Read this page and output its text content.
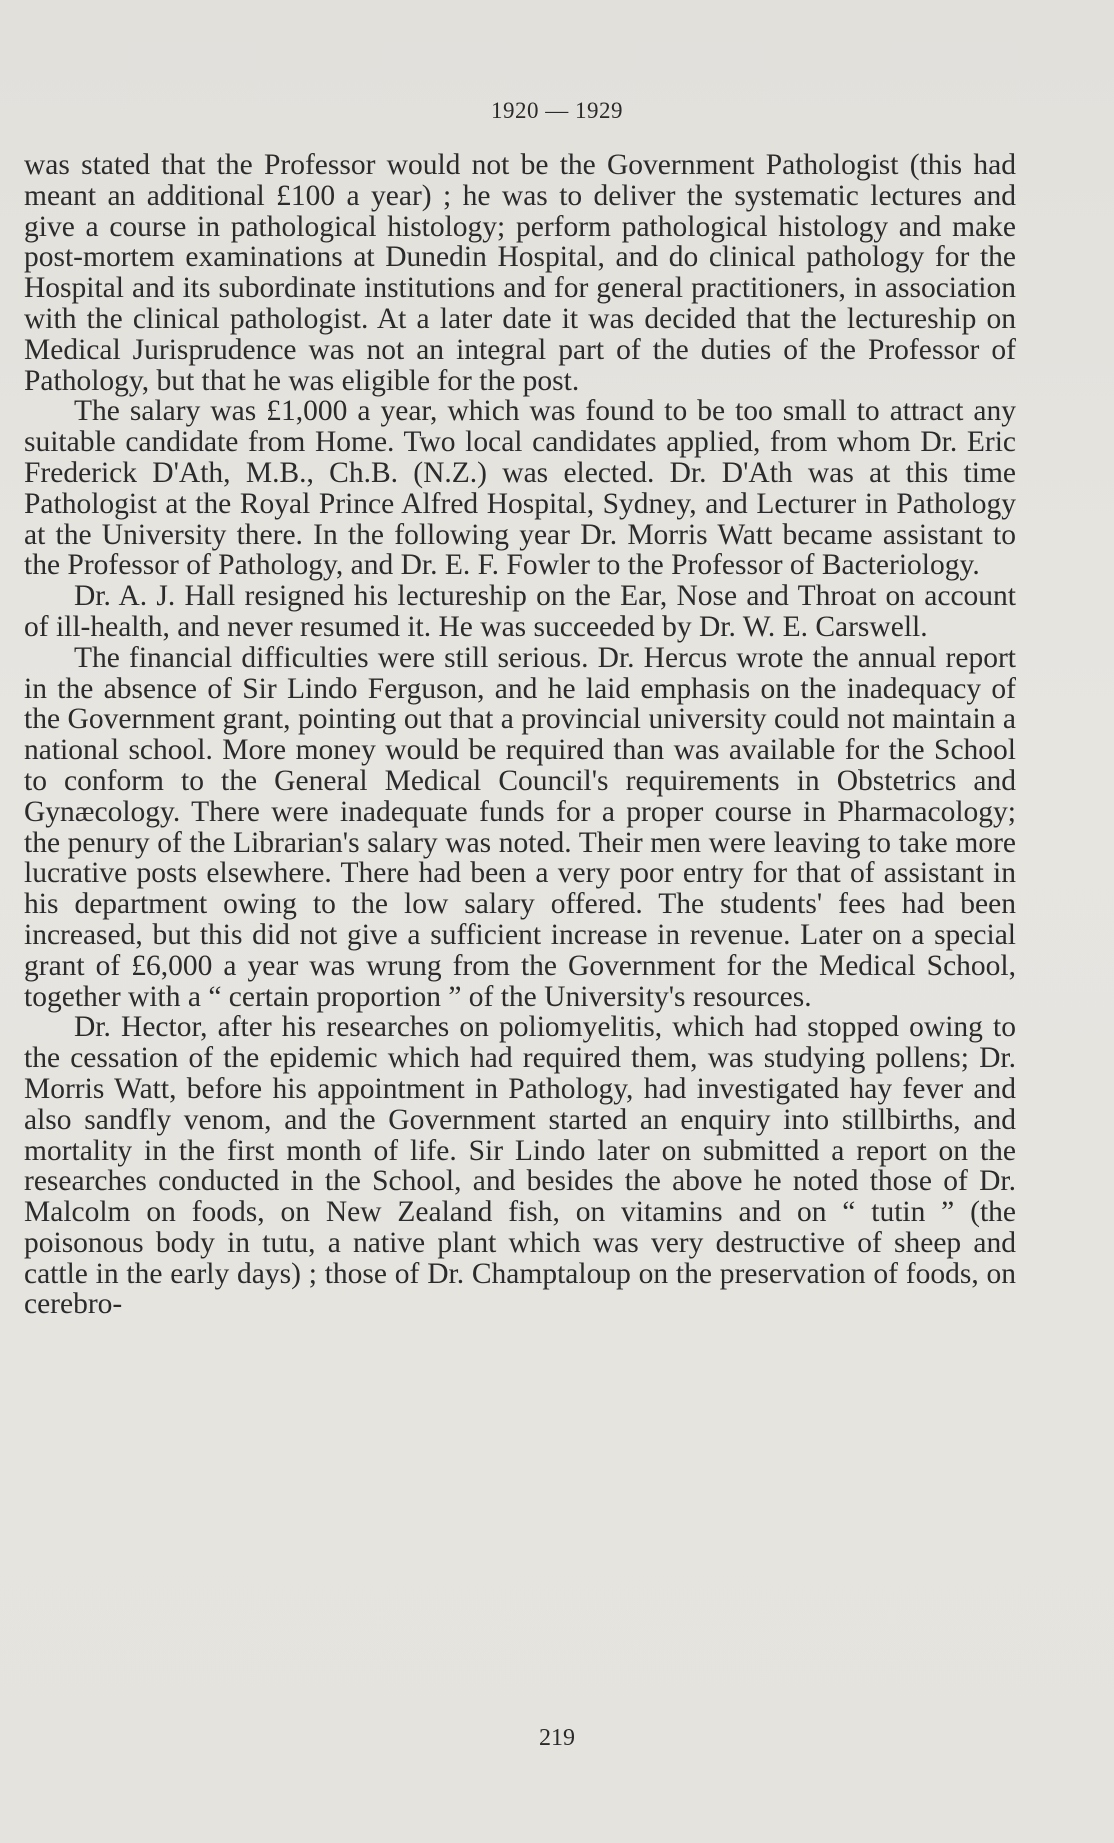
1920 — 1929

was stated that the Professor would not be the Government Pathologist (this had meant an additional £100 a year) ; he was to deliver the systematic lectures and give a course in pathological histology; perform pathological histology and make post-mortem examinations at Dunedin Hospital, and do clinical pathology for the Hospital and its subordinate institutions and for general practitioners, in association with the clinical pathologist. At a later date it was decided that the lectureship on Medical Jurisprudence was not an integral part of the duties of the Professor of Pathology, but that he was eligible for the post.

The salary was £1,000 a year, which was found to be too small to attract any suitable candidate from Home. Two local candidates applied, from whom Dr. Eric Frederick D'Ath, M.B., Ch.B. (N.Z.) was elected. Dr. D'Ath was at this time Pathologist at the Royal Prince Alfred Hospital, Sydney, and Lecturer in Pathology at the University there. In the following year Dr. Morris Watt became assistant to the Professor of Pathology, and Dr. E. F. Fowler to the Professor of Bacteriology.

Dr. A. J. Hall resigned his lectureship on the Ear, Nose and Throat on account of ill-health, and never resumed it. He was succeeded by Dr. W. E. Carswell.

The financial difficulties were still serious. Dr. Hercus wrote the annual report in the absence of Sir Lindo Ferguson, and he laid emphasis on the inadequacy of the Government grant, pointing out that a provincial university could not maintain a national school. More money would be required than was available for the School to conform to the General Medical Council's requirements in Obstetrics and Gynæcology. There were inadequate funds for a proper course in Pharmacology; the penury of the Librarian's salary was noted. Their men were leaving to take more lucrative posts elsewhere. There had been a very poor entry for that of assistant in his department owing to the low salary offered. The students' fees had been increased, but this did not give a sufficient increase in revenue. Later on a special grant of £6,000 a year was wrung from the Government for the Medical School, together with a “ certain proportion ” of the University's resources.

Dr. Hector, after his researches on poliomyelitis, which had stopped owing to the cessation of the epidemic which had required them, was studying pollens; Dr. Morris Watt, before his appointment in Pathology, had investigated hay fever and also sandfly venom, and the Government started an enquiry into stillbirths, and mortality in the first month of life. Sir Lindo later on submitted a report on the researches conducted in the School, and besides the above he noted those of Dr. Malcolm on foods, on New Zealand fish, on vitamins and on “ tutin ” (the poisonous body in tutu, a native plant which was very destructive of sheep and cattle in the early days) ; those of Dr. Champtaloup on the preservation of foods, on cerebro-

219
